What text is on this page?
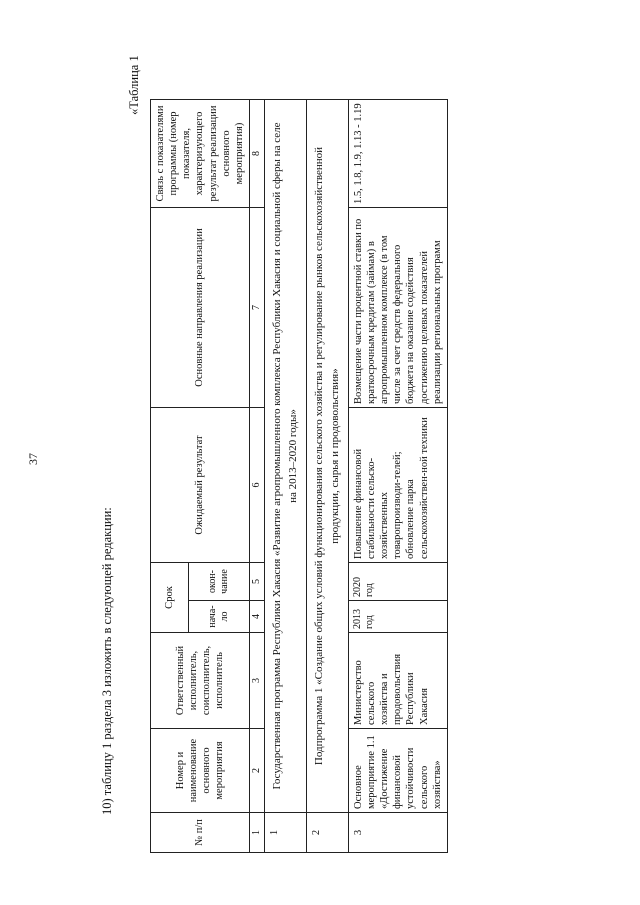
37
10) таблицу 1 раздела 3 изложить в следующей редакции:
«Таблица 1
№ п/п	Номер и наименование основного мероприятия	Ответственный исполнитель, соисполнитель, исполнитель	Срок		Ожидаемый результат	Основные направления реализации	Связь с показателями программы (номер показателя, характеризующего результат реализации основного мероприятия)
			нача-ло	окон-чание			
1	2	3	4	5	6	7	8
1	Государственная программа Республики Хакасия «Развитие агропромышленного комплекса Республики Хакасия и социальной сферы на селе на 2013–2020 годы»						
2	Подпрограмма 1 «Создание общих условий функционирования сельского хозяйства и регулирование рынков сельскохозяйственной продукции, сырья и продовольствия»						
3	Основное мероприятие 1.1 «Достижение финансовой устойчивости сельского хозяйства»	Министерство сельского хозяйства и продовольствия Республики Хакасия	2013 год	2020 год	Повышение финансовой стабильности сельско-хозяйственных товаропроизводи-телей; обновление парка сельскохозяйствен-ной техники	Возмещение части процентной ставки по краткосрочным кредитам (займам) в агропромышленном комплексе (в том числе за счет средств федерального бюджета на оказание содействия достижению целевых показателей реализации региональных программ	1.5, 1.8, 1.9, 1.13 - 1.19
